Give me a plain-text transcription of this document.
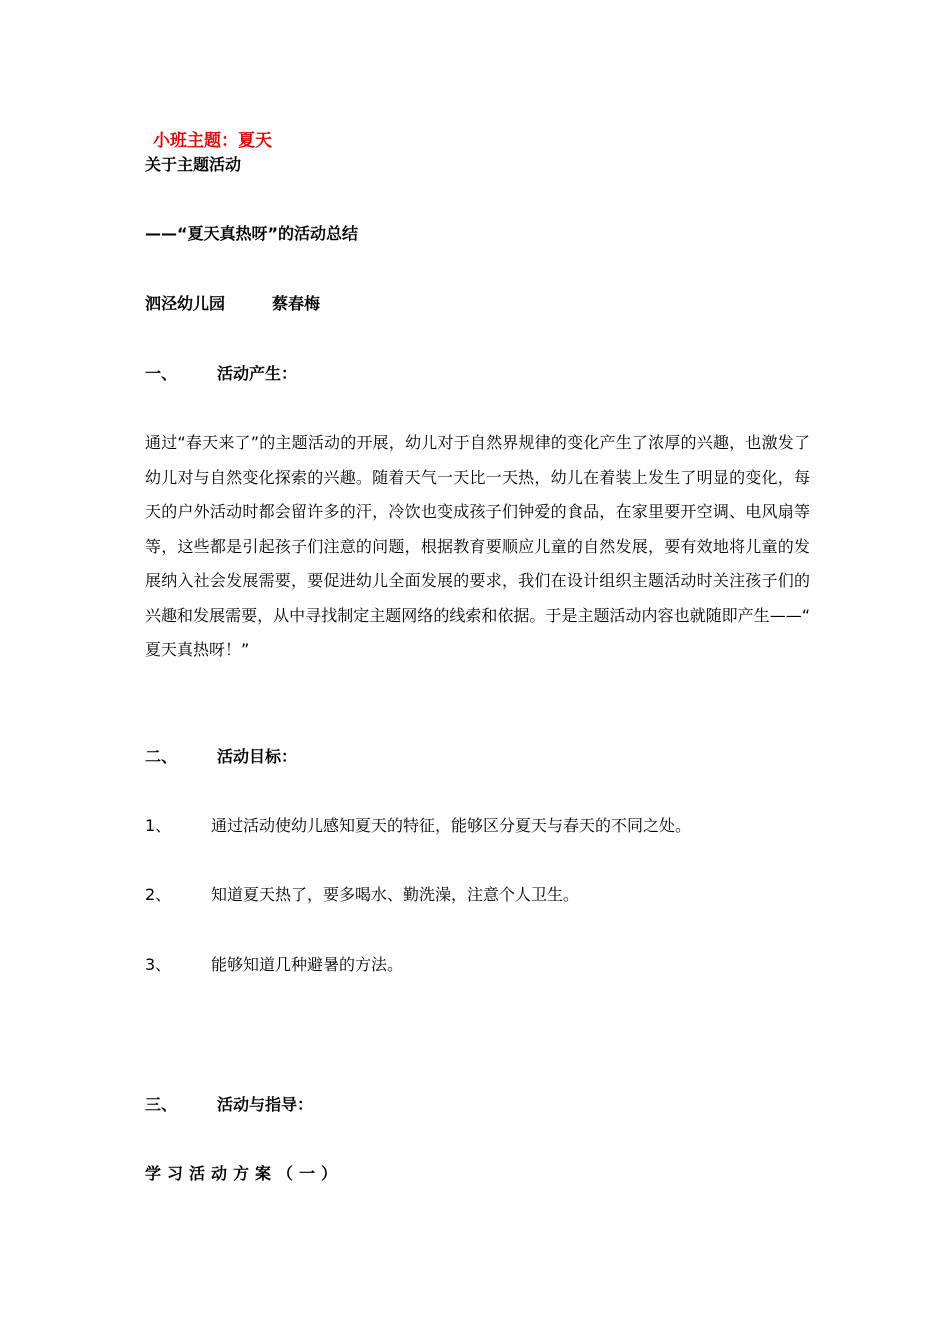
小班主题：夏天
关于主题活动
——“夏天真热呀”的活动总结
泗泾幼儿园	蔡春梅
一、 活动产生：
通过“春天来了”的主题活动的开展，幼儿对于自然界规律的变化产生了浓厚的兴趣，也激发了幼儿对与自然变化探索的兴趣。随着天气一天比一天热，幼儿在着装上发生了明显的变化，每天的户外活动时都会留许多的汗，冷饮也变成孩子们钟爱的食品，在家里要开空调、电风扇等等，这些都是引起孩子们注意的问题，根据教育要顺应儿童的自然发展，要有效地将儿童的发展纳入社会发展需要，要促进幼儿全面发展的要求，我们在设计组织主题活动时关注孩子们的兴趣和发展需要，从中寻找制定主题网络的线索和依据。于是主题活动内容也就随即产生——“　夏天真热呀！”
二、 活动目标：
1、 通过活动使幼儿感知夏天的特征，能够区分夏天与春天的不同之处。
2、 知道夏天热了，要多喝水、勤洗澡，注意个人卫生。
3、 能够知道几种避暑的方法。
三、 活动与指导：
学习活动方案（一）
